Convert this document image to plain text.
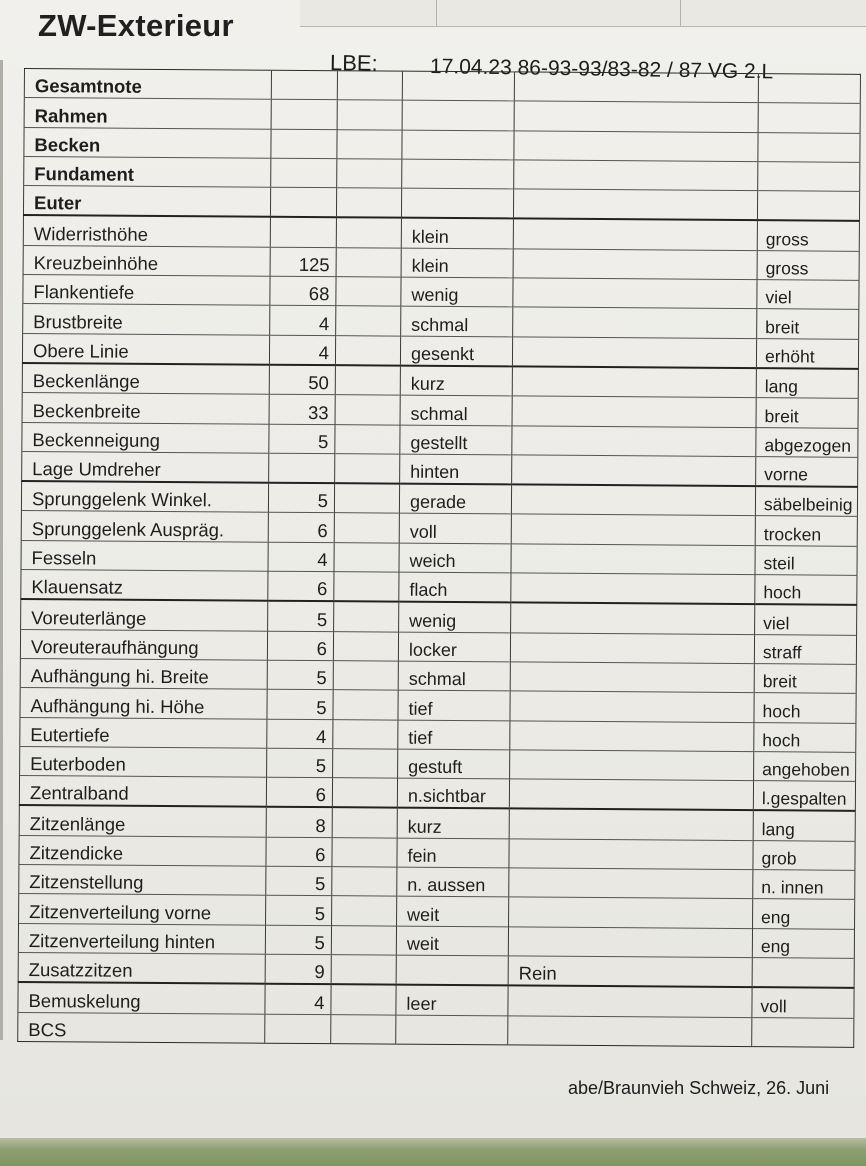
ZW-Exterieur
LBE: 17.04.23 86-93-93/83-82 / 87 VG 2.L
Gesamtnote					
Rahmen					
Becken					
Fundament					
Euter					
Widerristhöhe			klein		gross
Kreuzbeinhöhe	125		klein		gross
Flankentiefe	68		wenig		viel
Brustbreite	4		schmal		breit
Obere Linie	4		gesenkt		erhöht
Beckenlänge	50		kurz		lang
Beckenbreite	33		schmal		breit
Beckenneigung	5		gestellt		abgezogen
Lage Umdreher			hinten		vorne
Sprunggelenk Winkel.	5		gerade		säbelbeinig
Sprunggelenk Auspräg.	6		voll		trocken
Fesseln	4		weich		steil
Klauensatz	6		flach		hoch
Voreuterlänge	5		wenig		viel
Voreuteraufhängung	6		locker		straff
Aufhängung hi. Breite	5		schmal		breit
Aufhängung hi. Höhe	5		tief		hoch
Eutertiefe	4		tief		hoch
Euterboden	5		gestuft		angehoben
Zentralband	6		n.sichtbar		l.gespalten
Zitzenlänge	8		kurz		lang
Zitzendicke	6		fein		grob
Zitzenstellung	5		n. aussen		n. innen
Zitzenverteilung vorne	5		weit		eng
Zitzenverteilung hinten	5		weit		eng
Zusatzzitzen	9			Rein	
Bemuskelung	4		leer		voll
BCS					
abe/Braunvieh Schweiz, 26. Juni
